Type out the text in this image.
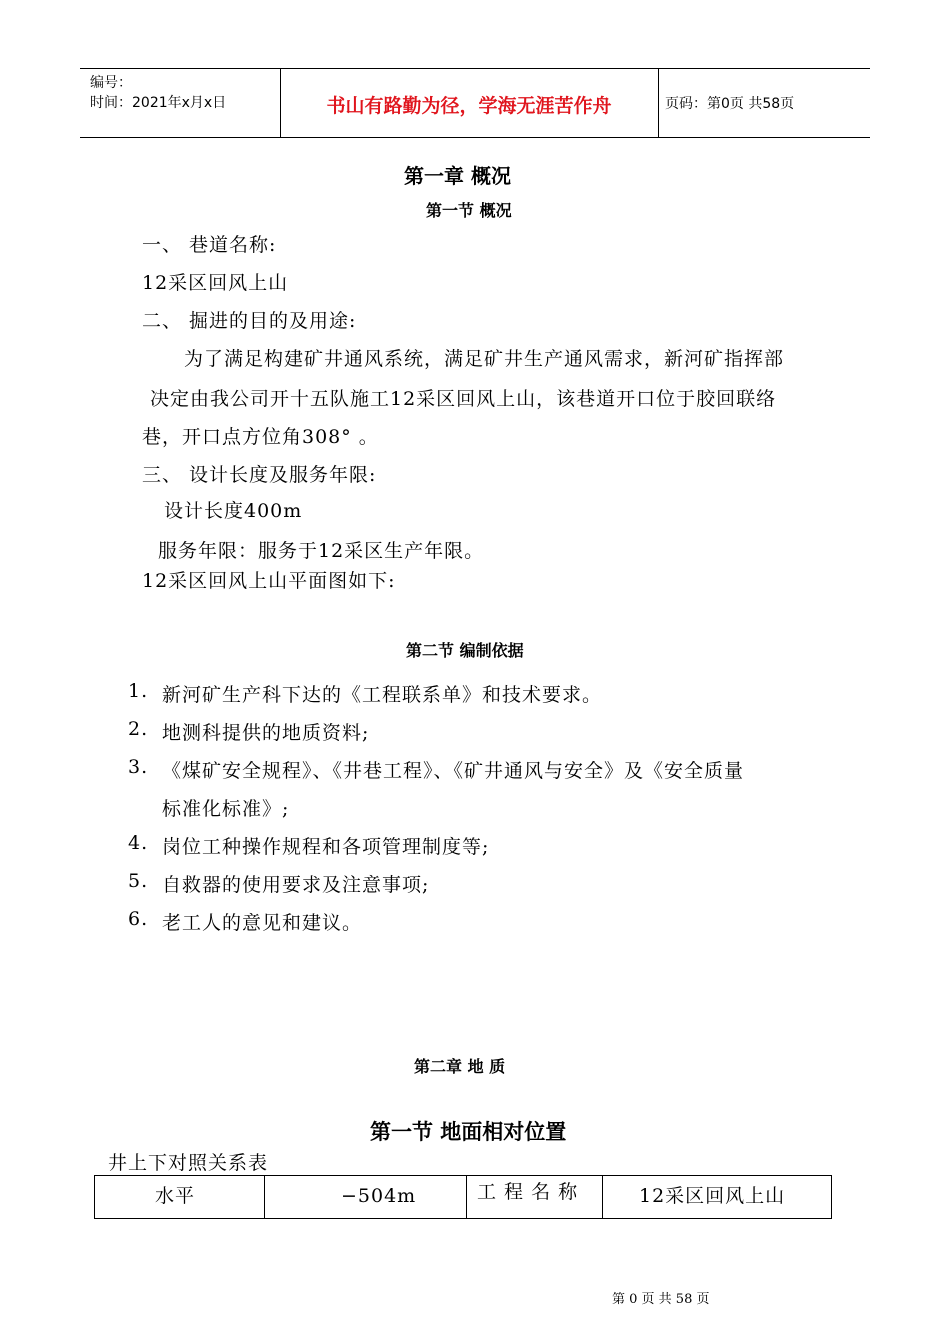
编号：
时间：2021年x月x日	书山有路勤为径，学海无涯苦作舟	页码：第0页 共58页
第一章 概况
第一节 概况
一、 巷道名称:
12采区回风上山
二、 掘进的目的及用途:
为了满足构建矿井通风系统，满足矿井生产通风需求，新河矿指挥部
决定由我公司开十五队施工12采区回风上山，该巷道开口位于胶回联络
巷，开口点方位角308° 。
三、 设计长度及服务年限:
设计长度400m
服务年限：服务于12采区生产年限。
12采区回风上山平面图如下:
第二节 编制依据
1. 新河矿生产科下达的《工程联系单》和技术要求。
2. 地测科提供的地质资料;
3. 《煤矿安全规程》、《井巷工程》、《矿井通风与安全》及《安全质量
标准化标准》;
4. 岗位工种操作规程和各项管理制度等;
5. 自救器的使用要求及注意事项;
6. 老工人的意见和建议。
第二章 地 质
第一节 地面相对位置
井上下对照关系表
水平	−504m	工 程 名 称	12采区回风上山
第 0 页 共 58 页
